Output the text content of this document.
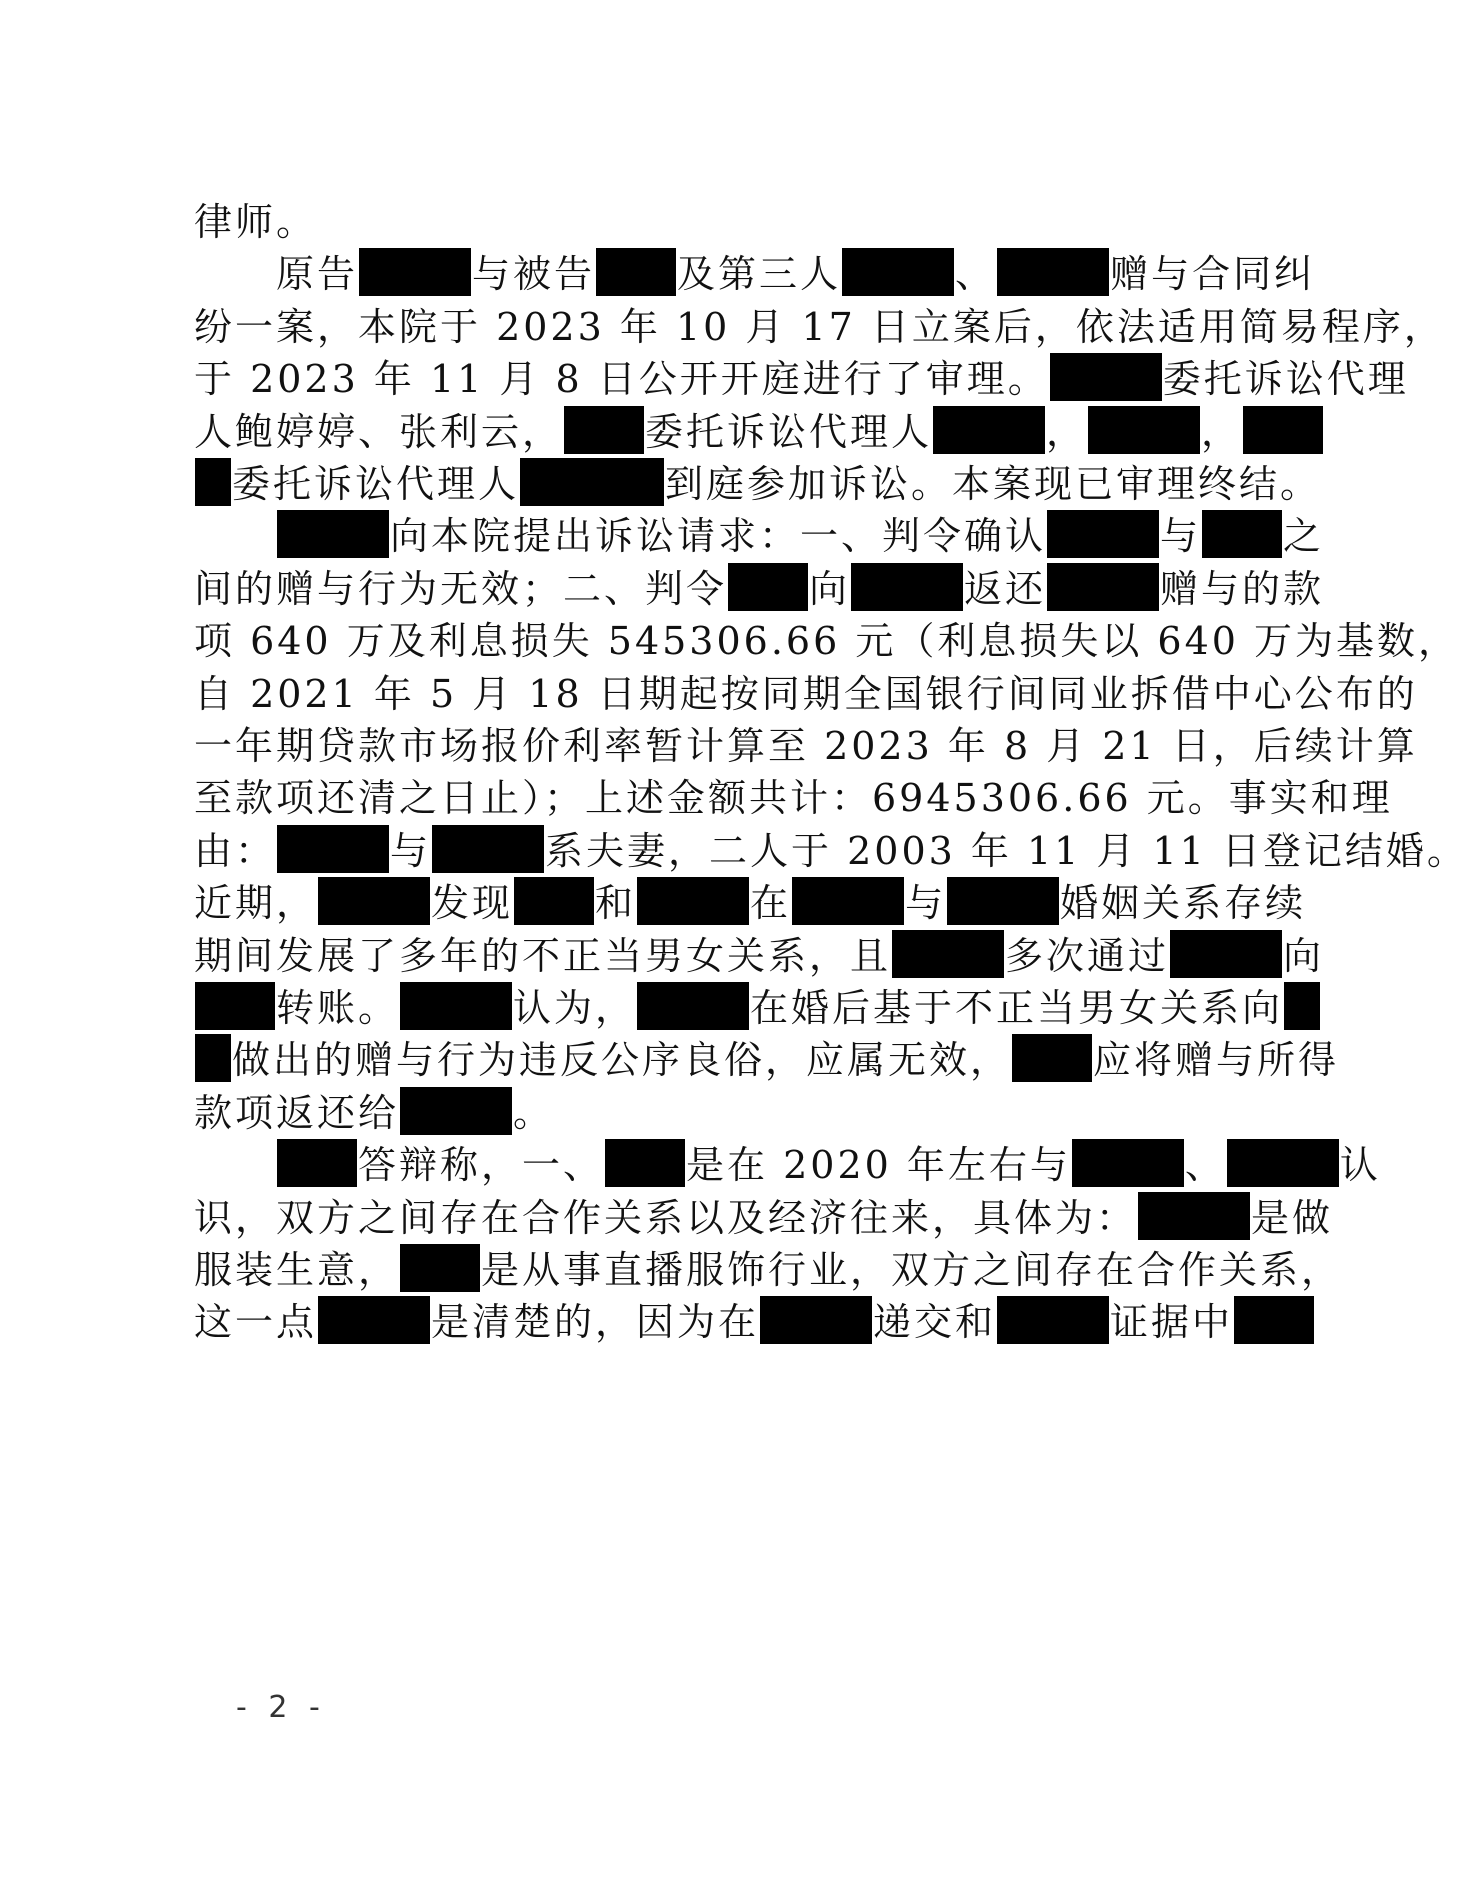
律师。
　　原告	与被告 及第三人	、	赠与合同纠
纷一案，本院于 2023 年 10 月 17 日立案后，依法适用简易程序，
于 2023 年 11 月 8 日公开开庭进行了审理。	委托诉讼代理
人鲍婷婷、张利云， 委托诉讼代理人	，	，
委托诉讼代理人	到庭参加诉讼。本案现已审理终结。
　　向本院提出诉讼请求：一、判令确认	与 之
间的赠与行为无效；二、判令 向	返还	赠与的款
项 640 万及利息损失 545306.66 元（利息损失以 640 万为基数，
自 2021 年 5 月 18 日期起按同期全国银行间同业拆借中心公布的
一年期贷款市场报价利率暂计算至 2023 年 8 月 21 日，后续计算
至款项还清之日止）；上述金额共计：6945306.66 元。事实和理
由：	与	系夫妻，二人于 2003 年 11 月 11 日登记结婚。
近期，	发现 和	在	与	婚姻关系存续
期间发展了多年的不正当男女关系，且	多次通过	向
转账。	认为，	在婚后基于不正当男女关系向
做出的赠与行为违反公序良俗，应属无效， 应将赠与所得
款项返还给	。
　　答辩称，一、 是在 2020 年左右与	、	认
识，双方之间存在合作关系以及经济往来，具体为：	是做
服装生意， 是从事直播服饰行业，双方之间存在合作关系，
这一点	是清楚的，因为在	递交和	证据中
- 2 -
